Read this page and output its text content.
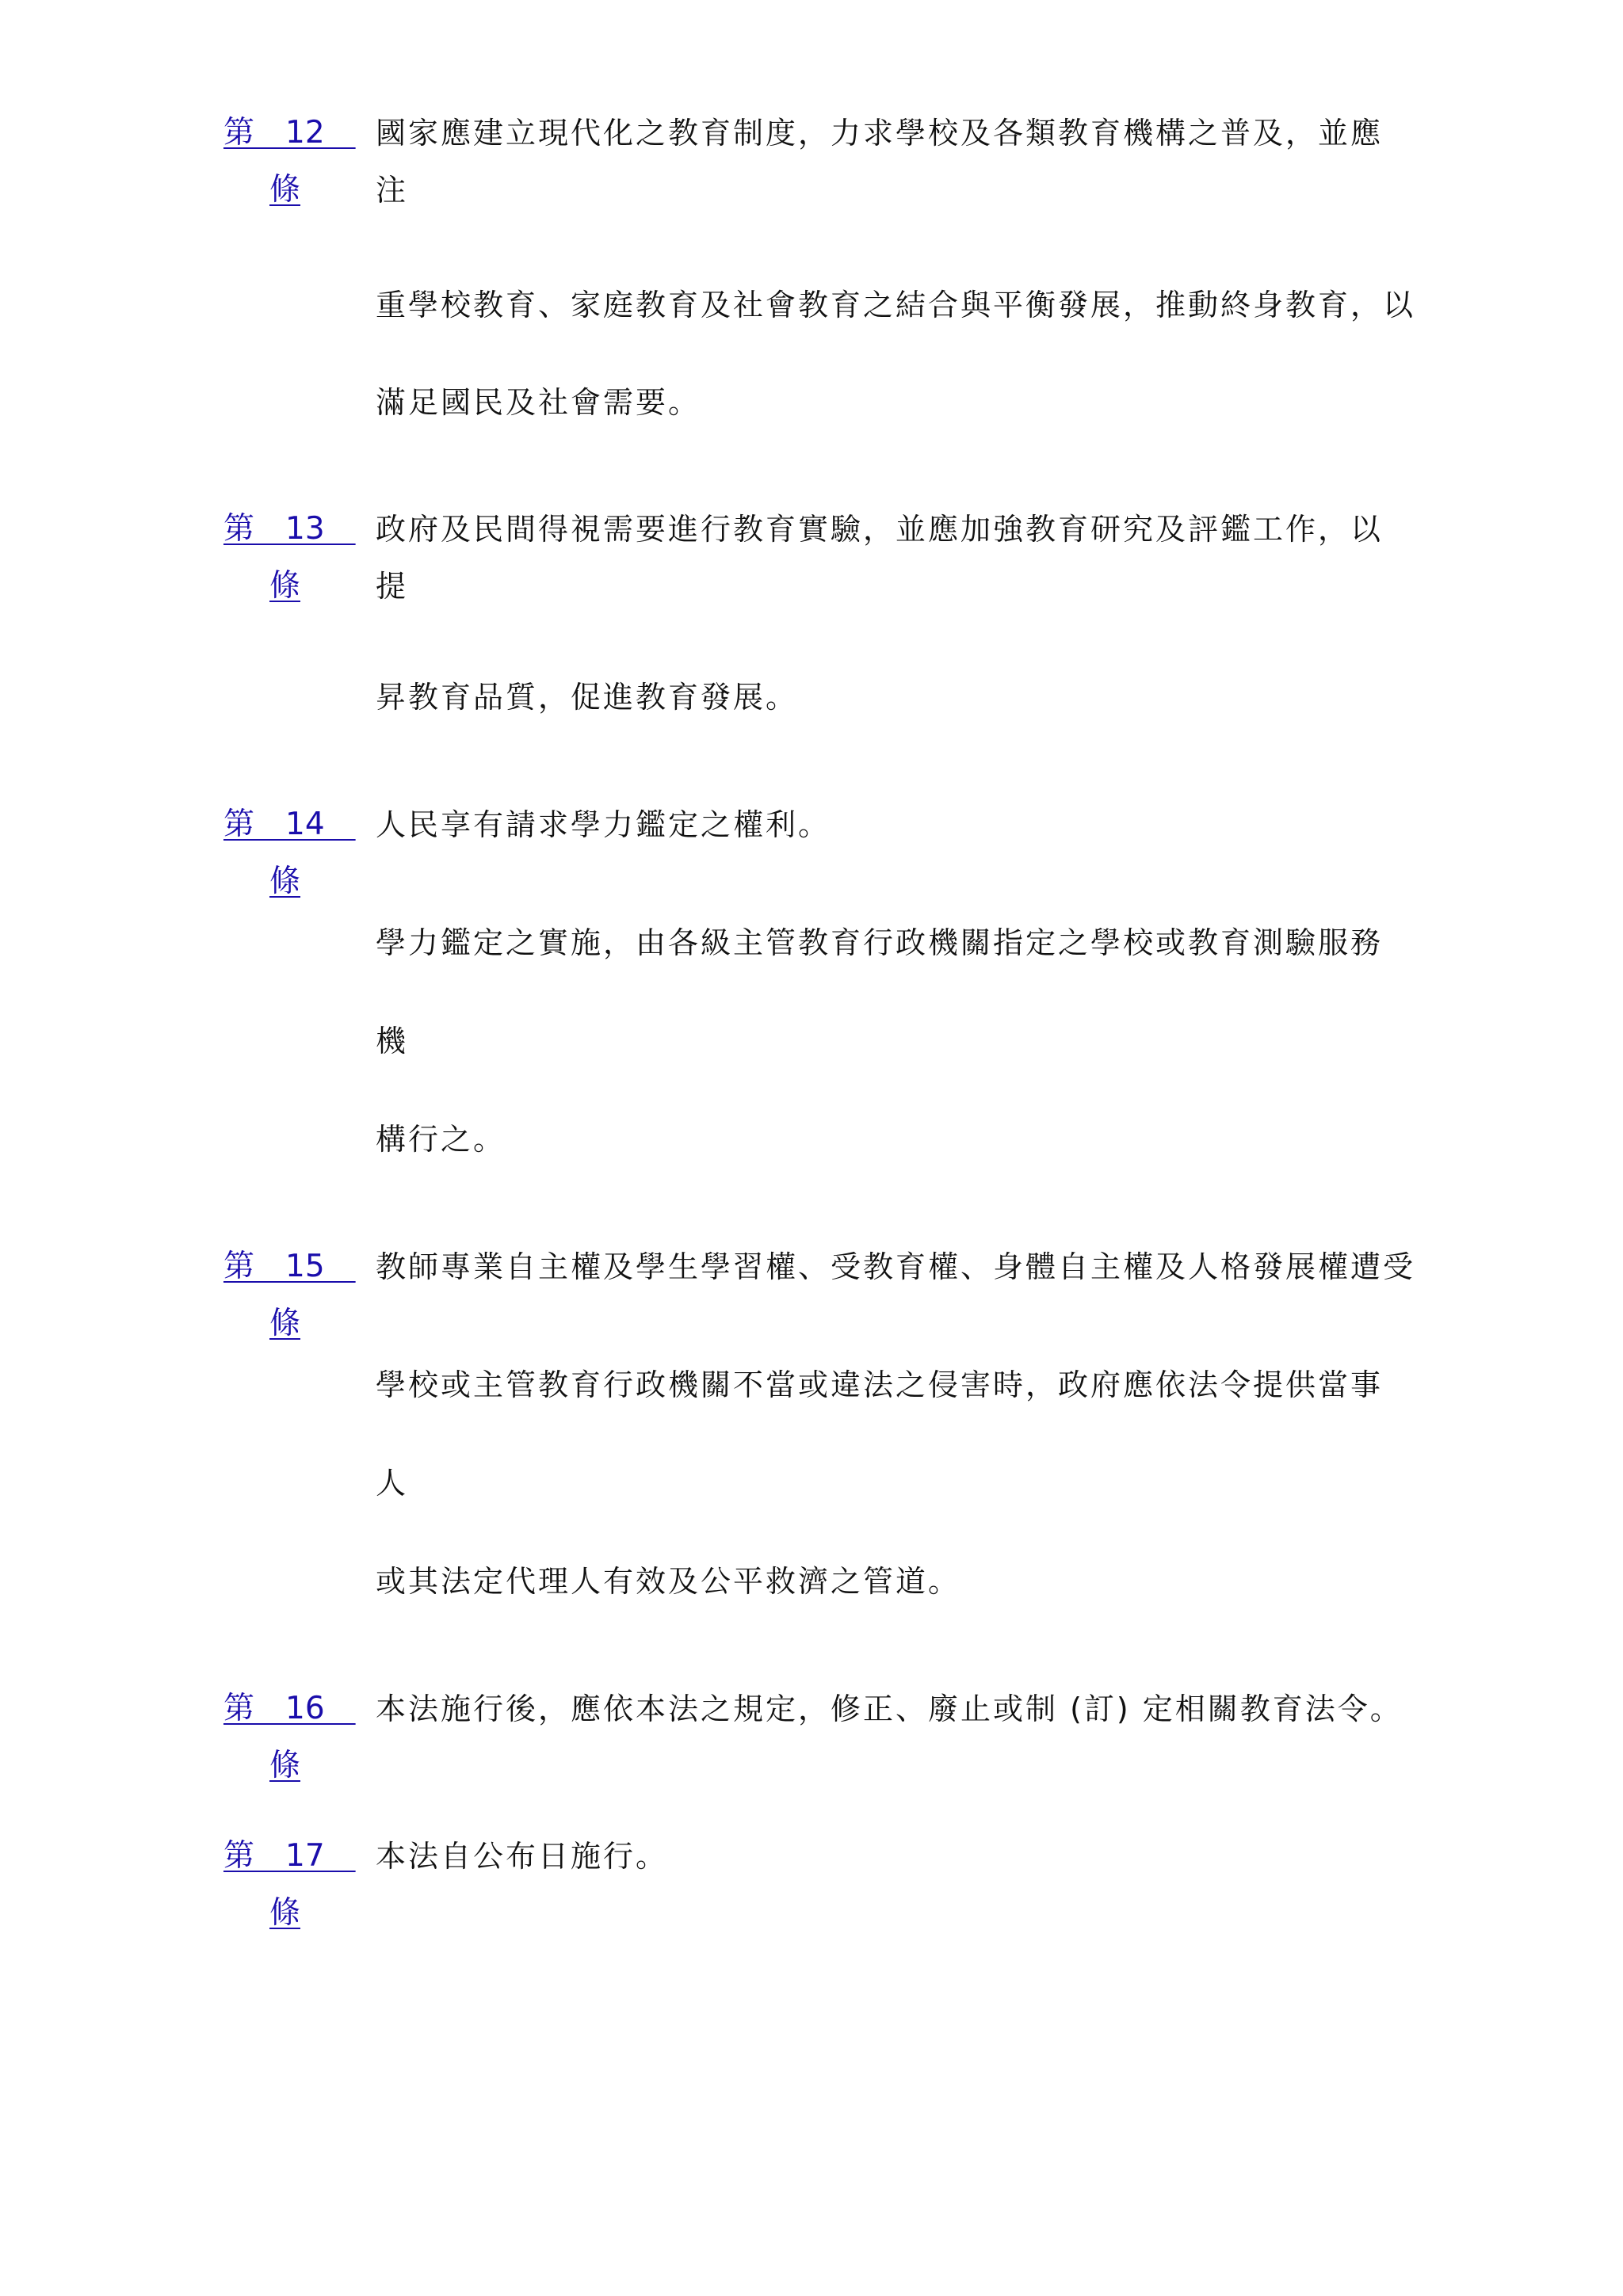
第　12　
條
國家應建立現代化之教育制度，力求學校及各類教育機構之普及，並應
注
重學校教育、家庭教育及社會教育之結合與平衡發展，推動終身教育，以
滿足國民及社會需要。
第　13　
條
政府及民間得視需要進行教育實驗，並應加強教育研究及評鑑工作，以
提
昇教育品質，促進教育發展。
第　14　
條
人民享有請求學力鑑定之權利。
學力鑑定之實施，由各級主管教育行政機關指定之學校或教育測驗服務
機
構行之。
第　15　
條
教師專業自主權及學生學習權、受教育權、身體自主權及人格發展權遭受
學校或主管教育行政機關不當或違法之侵害時，政府應依法令提供當事
人
或其法定代理人有效及公平救濟之管道。
第　16　
條
本法施行後，應依本法之規定，修正、廢止或制 (訂) 定相關教育法令。
第　17　
條
本法自公布日施行。
